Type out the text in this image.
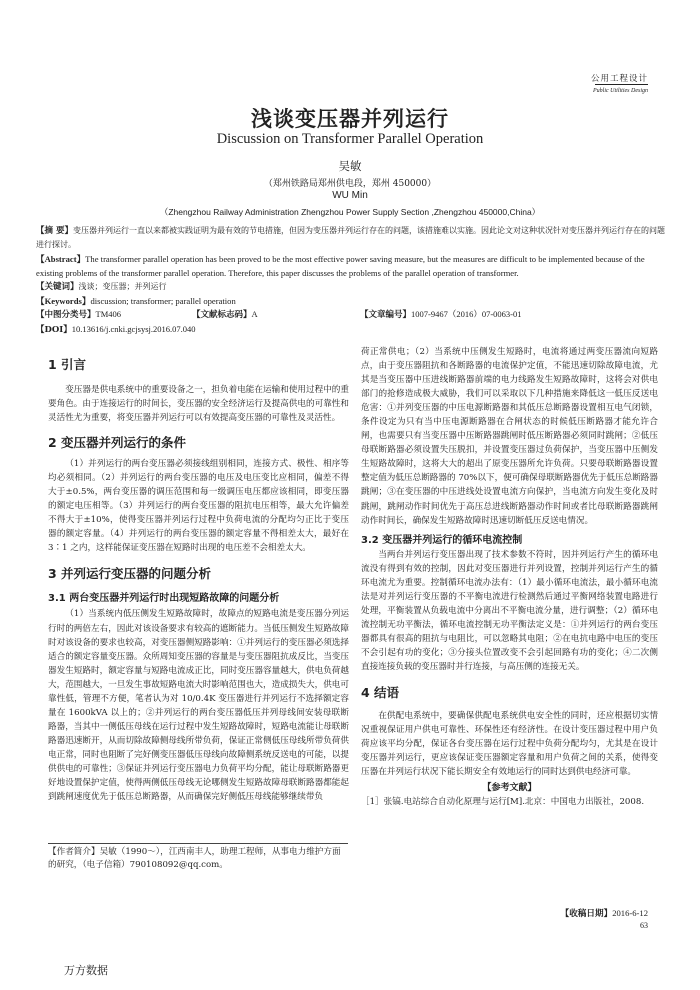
公用工程设计
Public Utilities Design
浅谈变压器并列运行
Discussion on Transformer Parallel Operation
吴敏
（郑州铁路局郑州供电段，郑州 450000）
WU Min
（Zhengzhou Railway Administration Zhengzhou Power Supply Section ,Zhengzhou 450000,China）
【摘 要】变压器并列运行一直以来都被实践证明为最有效的节电措施，但因为变压器并列运行存在的问题，该措施难以实施。因此论文对这种状况针对变压器并列运行存在的问题进行探讨。
【Abstract】The transformer parallel operation has been proved to be the most effective power saving measure, but the measures are difficult to be implemented because of the existing problems of the transformer parallel operation. Therefore, this paper discusses the problems of the parallel operation of transformer.
【关键词】浅谈；变压器；并列运行
【Keywords】discussion; transformer; parallel operation
【中图分类号】TM406	【文献标志码】A	【文章编号】1007-9467（2016）07-0063-01
【DOI】10.13616/j.cnki.gcjsysj.2016.07.040
1 引言

变压器是供电系统中的重要设备之一，担负着电能在运输和使用过程中的重要角色。由于连接运行的时间长，变压器的安全经济运行及提高供电的可靠性和灵活性尤为重要，将变压器并列运行可以有效提高变压器的可靠性及灵活性。

2 变压器并列运行的条件

（1）并列运行的两台变压器必须接线组别相同，连接方式、极性、相序等均必须相同。（2）并列运行的两台变压器的电压及电压变比应相同，偏差不得大于±0.5%，两台变压器的调压范围和每一级调压电压都应该相同，即变压器的额定电压相等。（3）并列运行的两台变压器的阻抗电压相等，最大允许偏差不得大于±10%，使得变压器并列运行过程中负荷电流的分配均匀正比于变压器的额定容量。（4）并列运行的两台变压器的额定容量不得相差太大，最好在 3∶1 之内，这样能保证变压器在短路时出现的电压差不会相差太大。

3 并列运行变压器的问题分析
3.1 两台变压器并列运行时出现短路故障的问题分析

（1）当系统内低压侧发生短路故障时，故障点的短路电流是变压器分列运行时的两倍左右，因此对该设备要求有较高的遮断能力。当低压侧发生短路故障时对该设备的要求也较高，对变压器侧短路影响：①并列运行的变压器必须选择适合的额定容量变压器。众所周知变压器的容量是与变压器阻抗成反比，当变压器发生短路时，额定容量与短路电流成正比，同时变压器容量越大，供电负荷越大，范围越大，一旦发生事故短路电流大时影响范围也大，造成损失大，供电可靠性低，管理不方便，笔者认为对 10/0.4K 变压器进行并列运行不选择额定容量在 1600kVA 以上的；②并列运行的两台变压器低压并列母线间安装母联断路器，当其中一侧低压母线在运行过程中发生短路故障时，短路电流能让母联断路器迅速断开，从而切除故障侧母线所带负荷，保证正常侧低压母线所带负荷供电正常，同时也阻断了完好侧变压器低压母线向故障侧系统反送电的可能，以提供供电的可靠性；③保证并列运行变压器电力负荷平均分配，能让母联断路器更好地设置保护定值，使得两侧低压母线无论哪侧发生短路故障母联断路器都能起到跳闸速度优先于低压总断路器，从而确保完好侧低压母线能够继续带负

【作者简介】吴敏（1990～），江西南丰人，助理工程师，从事电力维护方面的研究，（电子信箱）790108092@qq.com。

荷正常供电；（2）当系统中压侧发生短路时，电流将通过两变压器流向短路点，由于变压器阻抗和各断路器的电流保护定值，不能迅速切除故障电流，尤其是当变压器中压进线断路器前端的电力线路发生短路故障时，这将会对供电部门的抢修造成极大威胁，我们可以采取以下几种措施来降低这一低压反送电危害：①并列变压器的中压电源断路器和其低压总断路器设置相互电气闭锁，条件设定为只有当中压电源断路器在合闸状态的时候低压断路器才能允许合闸，也需要只有当变压器中压断路器跳闸时低压断路器必须同时跳闸；②低压母联断路器必须设置失压脱扣，并设置变压器过负荷保护，当变压器中压侧发生短路故障时，这将大大的超出了原变压器所允许负荷。只要母联断路器设置整定值为低压总断路器的 70%以下，便可确保母联断路器优先于低压总断路器跳闸；③在变压器的中压进线处设置电流方向保护，当电流方向发生变化及时跳闸，跳闸动作时间优先于高压总进线断路器动作时间或者比母联断路器跳闸动作时间长，确保发生短路故障时迅速切断低压反送电情况。

3.2 变压器并列运行的循环电流控制

当两台并列运行变压器出现了技术参数不符时，因并列运行产生的循环电流没有得到有效的控制，因此对变压器进行并列设置，控制并列运行产生的循环电流尤为重要。控制循环电流办法有：（1）最小循环电流法，最小循环电流法是对并列运行变压器的不平衡电流进行检测然后通过平衡网络装置电路进行处理，平衡装置从负载电流中分离出不平衡电流分量，进行调整；（2）循环电流控制无功平衡法，循环电流控制无功平衡法定义是：①并列运行的两台变压器都具有很高的阻抗与电阻比，可以忽略其电阻；②在电抗电路中电压的变压不会引起有功的变化；③分接头位置改变不会引起回路有功的变化；④二次侧直接连接负载的变压器时并行连接，与高压侧的连接无关。

4 结语

在供配电系统中，要确保供配电系统供电安全性的同时，还应根据切实情况重视保证用户供电可靠性、环保性还有经济性。在设计变压器过程中用户负荷应该平均分配，保证各台变压器在运行过程中负荷分配均匀，尤其是在设计变压器并列运行，更应该保证变压器额定容量和用户负荷之间的关系，使得变压器在并列运行状况下能长期安全有效地运行的同时达到供电经济可靠。

【参考文献】
［1］张镐.电站综合自动化原理与运行[M].北京：中国电力出版社，2008.
【收稿日期】2016-6-12
63
万方数据
